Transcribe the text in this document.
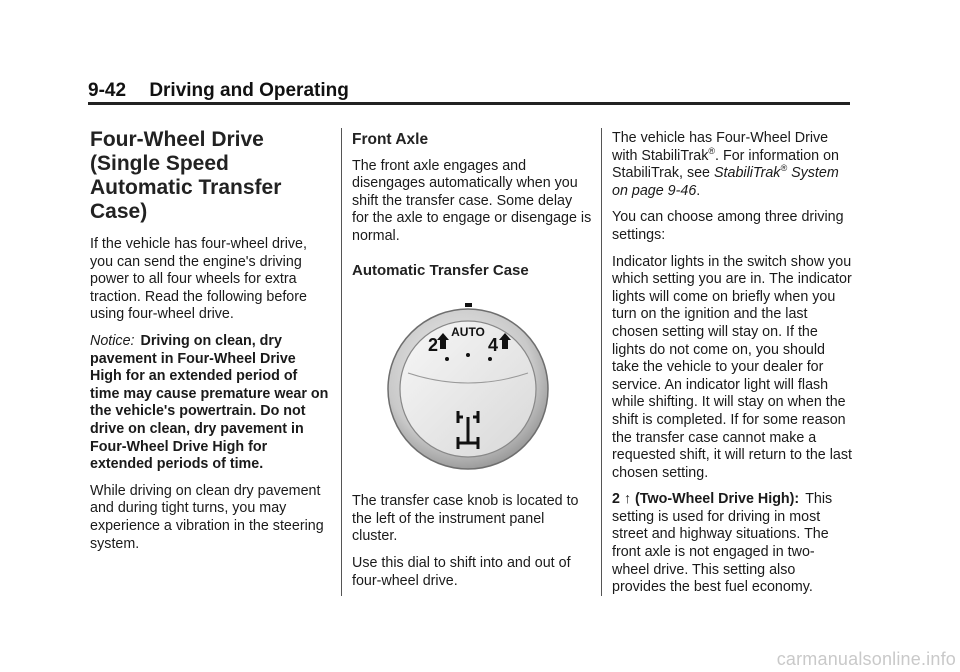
9-42 Driving and Operating
Four-Wheel Drive (Single Speed Automatic Transfer Case)

If the vehicle has four-wheel drive, you can send the engine's driving power to all four wheels for extra traction. Read the following before using four-wheel drive.

Notice: Driving on clean, dry pavement in Four-Wheel Drive High for an extended period of time may cause premature wear on the vehicle's powertrain. Do not drive on clean, dry pavement in Four-Wheel Drive High for extended periods of time.

While driving on clean dry pavement and during tight turns, you may experience a vibration in the steering system.

Front Axle

The front axle engages and disengages automatically when you shift the transfer case. Some delay for the axle to engage or disengage is normal.

Automatic Transfer Case
2
AUTO
4

The transfer case knob is located to the left of the instrument panel cluster.

Use this dial to shift into and out of four-wheel drive.

The vehicle has Four-Wheel Drive with StabiliTrak®. For information on StabiliTrak, see StabiliTrak® System on page 9-46.

You can choose among three driving settings:

Indicator lights in the switch show you which setting you are in. The indicator lights will come on briefly when you turn on the ignition and the last chosen setting will stay on. If the lights do not come on, you should take the vehicle to your dealer for service. An indicator light will flash while shifting. It will stay on when the shift is completed. If for some reason the transfer case cannot make a requested shift, it will return to the last chosen setting.

2 ↑ (Two-Wheel Drive High): This setting is used for driving in most street and highway situations. The front axle is not engaged in two-wheel drive. This setting also provides the best fuel economy.

carmanualsonline.info
